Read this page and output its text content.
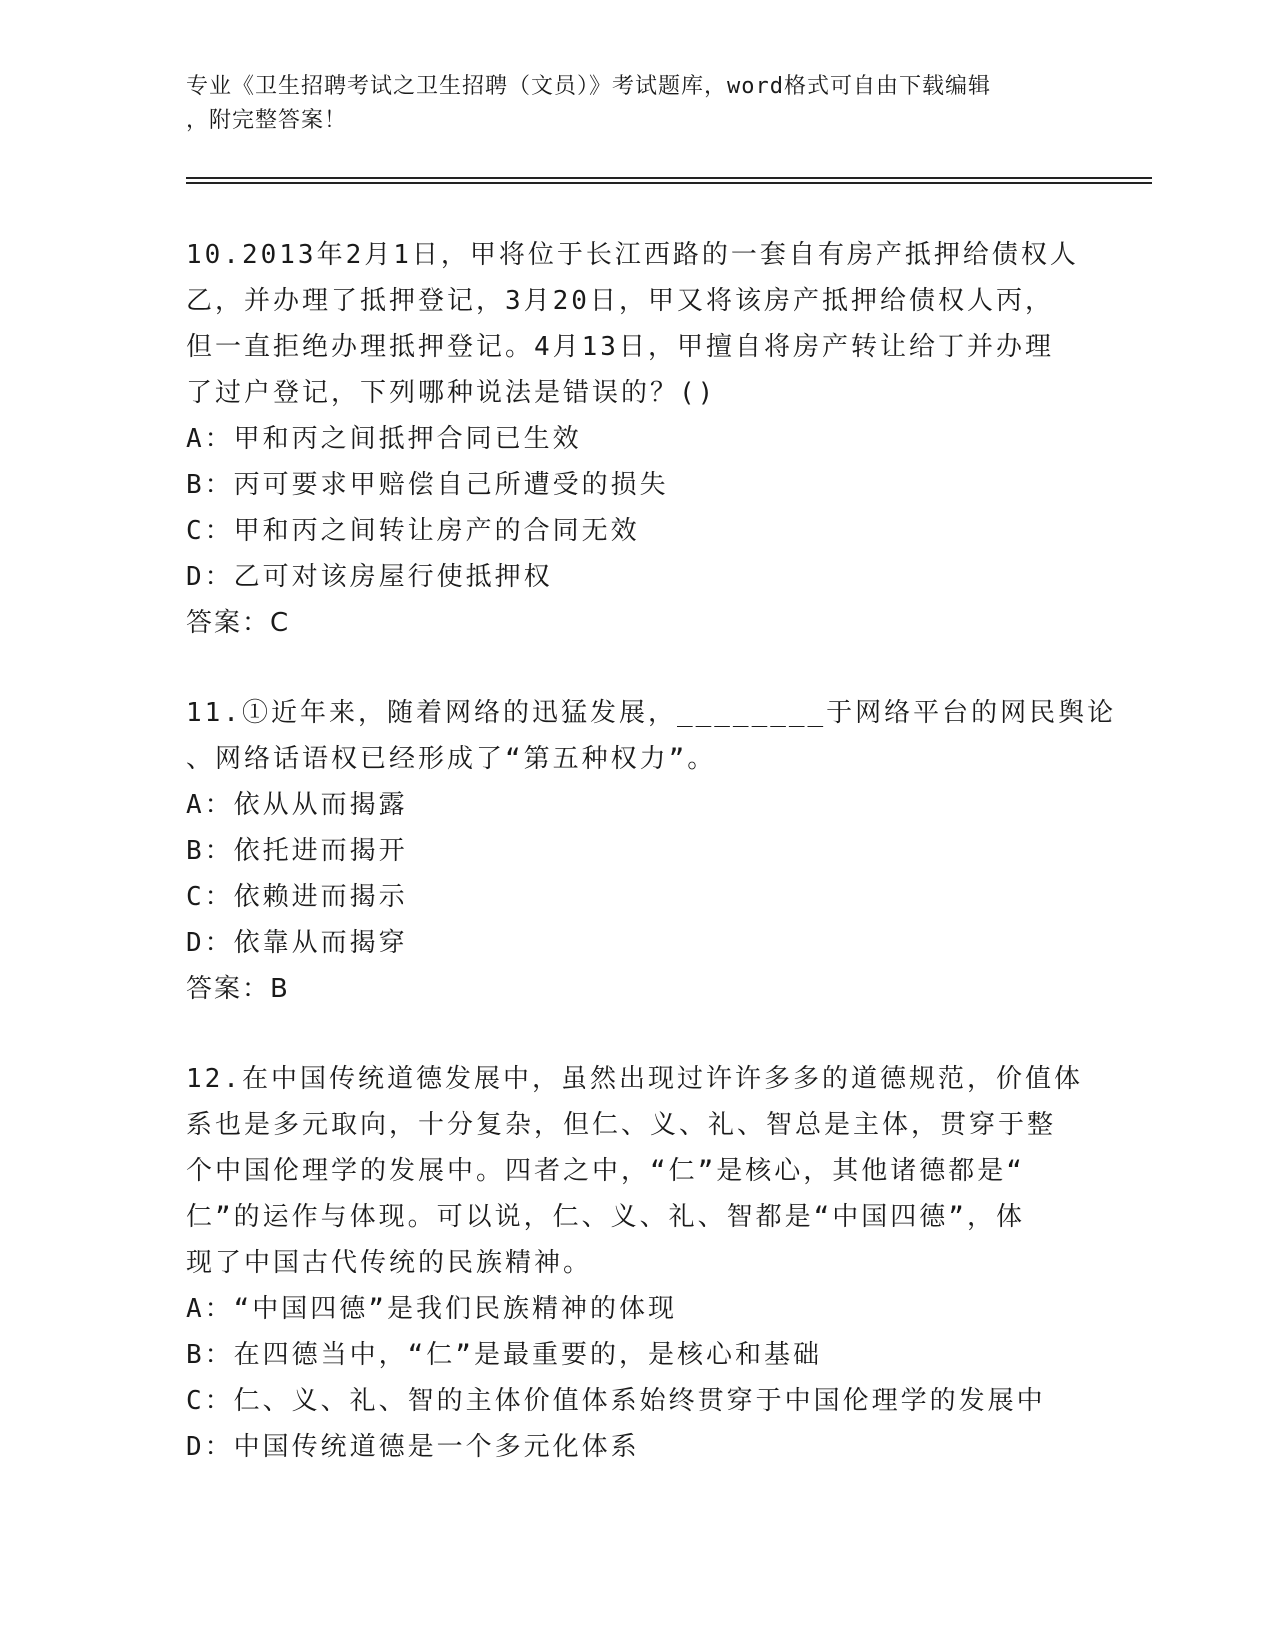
专业《卫生招聘考试之卫生招聘（文员）》考试题库，word格式可自由下载编辑
，附完整答案！
10.2013年2月1日，甲将位于长江西路的一套自有房产抵押给债权人
乙，并办理了抵押登记，3月20日，甲又将该房产抵押给债权人丙，
但一直拒绝办理抵押登记。4月13日，甲擅自将房产转让给丁并办理
了过户登记，下列哪种说法是错误的？()
A：甲和丙之间抵押合同已生效
B：丙可要求甲赔偿自己所遭受的损失
C：甲和丙之间转让房产的合同无效
D：乙可对该房屋行使抵押权
答案：C
11.①近年来，随着网络的迅猛发展，________于网络平台的网民舆论
、网络话语权已经形成了“第五种权力”。
A：依从从而揭露
B：依托进而揭开
C：依赖进而揭示
D：依靠从而揭穿
答案：B
12.在中国传统道德发展中，虽然出现过许许多多的道德规范，价值体
系也是多元取向，十分复杂，但仁、义、礼、智总是主体，贯穿于整
个中国伦理学的发展中。四者之中，“仁”是核心，其他诸德都是“
仁”的运作与体现。可以说，仁、义、礼、智都是“中国四德”，体
现了中国古代传统的民族精神。
A：“中国四德”是我们民族精神的体现
B：在四德当中，“仁”是最重要的，是核心和基础
C：仁、义、礼、智的主体价值体系始终贯穿于中国伦理学的发展中
D：中国传统道德是一个多元化体系
